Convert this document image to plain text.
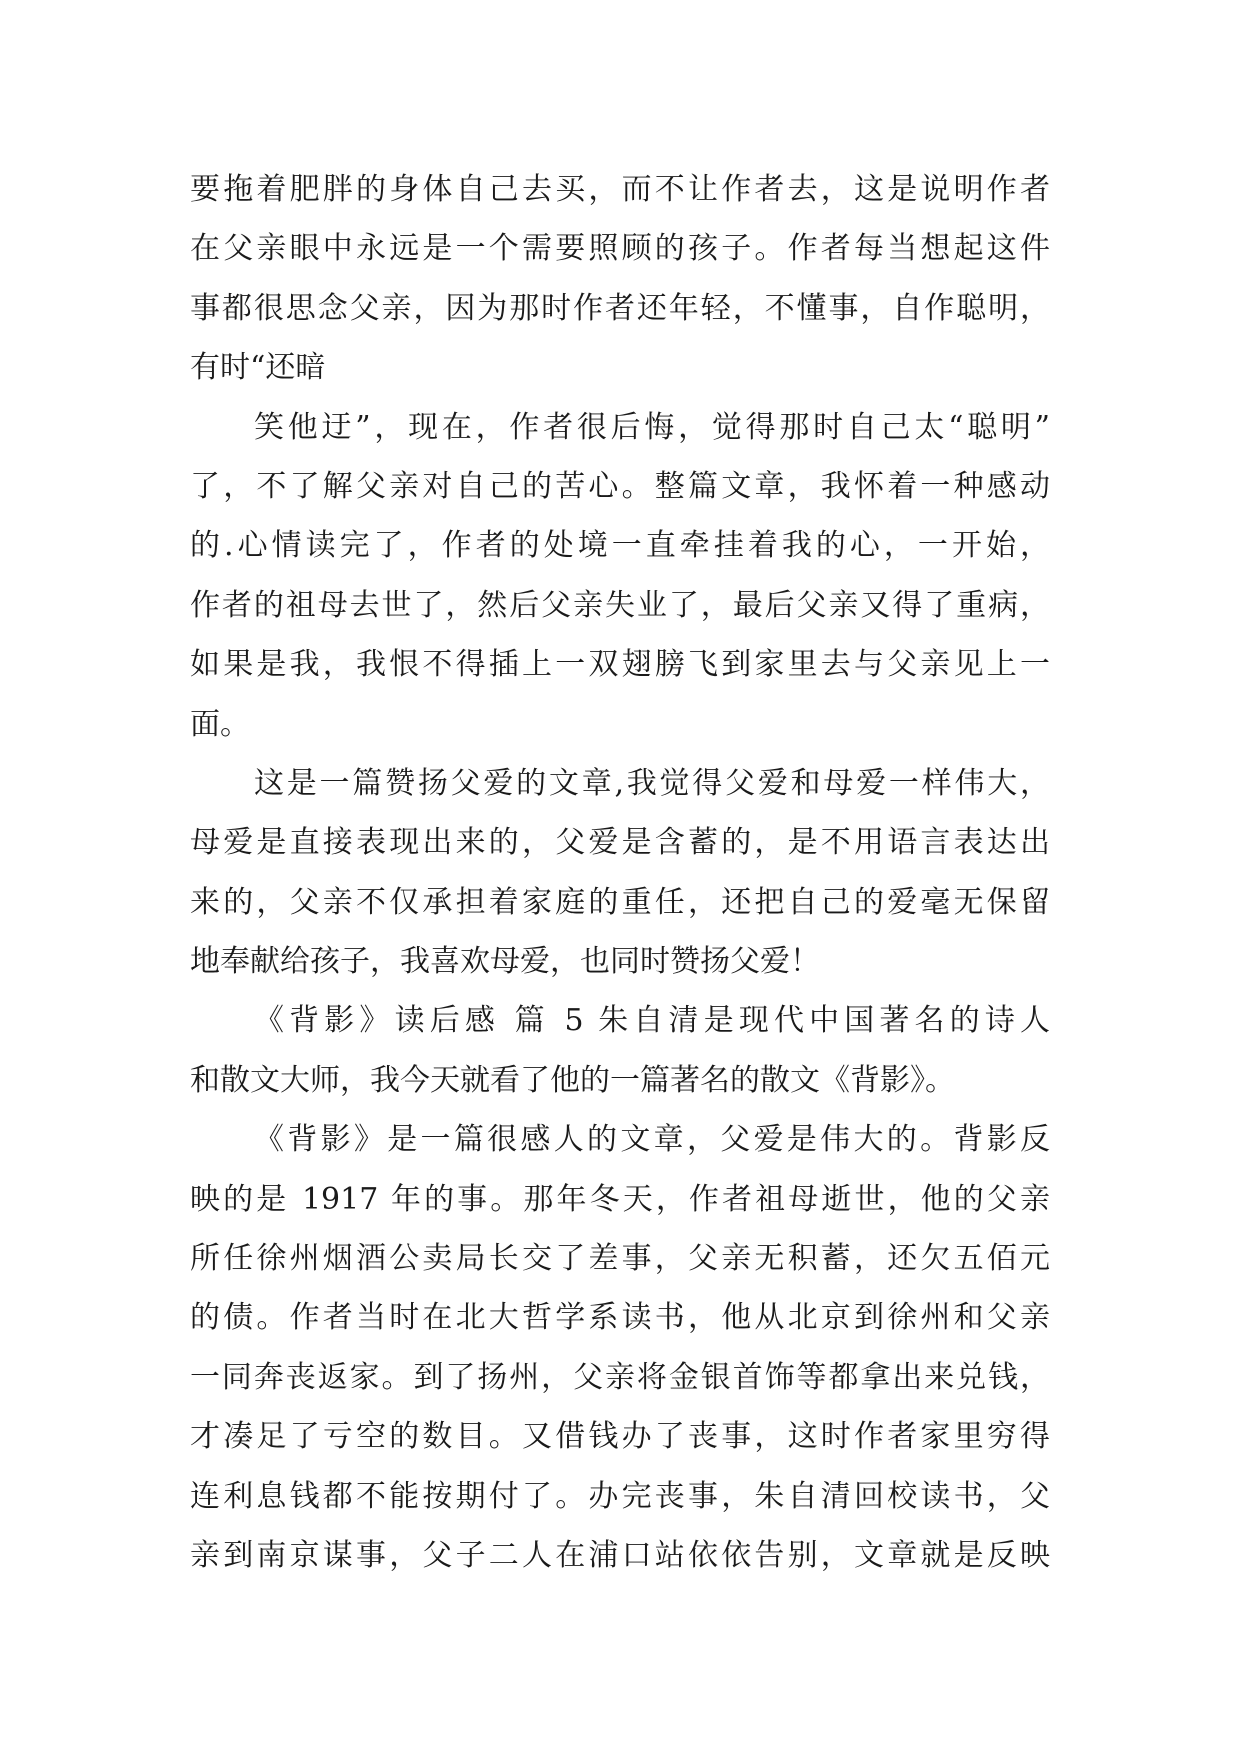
要拖着肥胖的身体自己去买，而不让作者去，这是说明作者
在父亲眼中永远是一个需要照顾的孩子。作者每当想起这件
事都很思念父亲，因为那时作者还年轻，不懂事，自作聪明，
有时“还暗
笑他迂”，现在，作者很后悔，觉得那时自己太“聪明”
了，不了解父亲对自己的苦心。整篇文章，我怀着一种感动
的.心情读完了，作者的处境一直牵挂着我的心，一开始，
作者的祖母去世了，然后父亲失业了，最后父亲又得了重病，
如果是我，我恨不得插上一双翅膀飞到家里去与父亲见上一
面。
这是一篇赞扬父爱的文章,我觉得父爱和母爱一样伟大，
母爱是直接表现出来的，父爱是含蓄的，是不用语言表达出
来的，父亲不仅承担着家庭的重任，还把自己的爱毫无保留
地奉献给孩子，我喜欢母爱，也同时赞扬父爱！
《背影》读后感 篇 5 朱自清是现代中国著名的诗人
和散文大师，我今天就看了他的一篇著名的散文《背影》。
《背影》是一篇很感人的文章，父爱是伟大的。背影反
映的是 1917 年的事。那年冬天，作者祖母逝世，他的父亲
所任徐州烟酒公卖局长交了差事，父亲无积蓄，还欠五佰元
的债。作者当时在北大哲学系读书，他从北京到徐州和父亲
一同奔丧返家。到了扬州，父亲将金银首饰等都拿出来兑钱，
才凑足了亏空的数目。又借钱办了丧事，这时作者家里穷得
连利息钱都不能按期付了。办完丧事，朱自清回校读书，父
亲到南京谋事，父子二人在浦口站依依告别，文章就是反映
